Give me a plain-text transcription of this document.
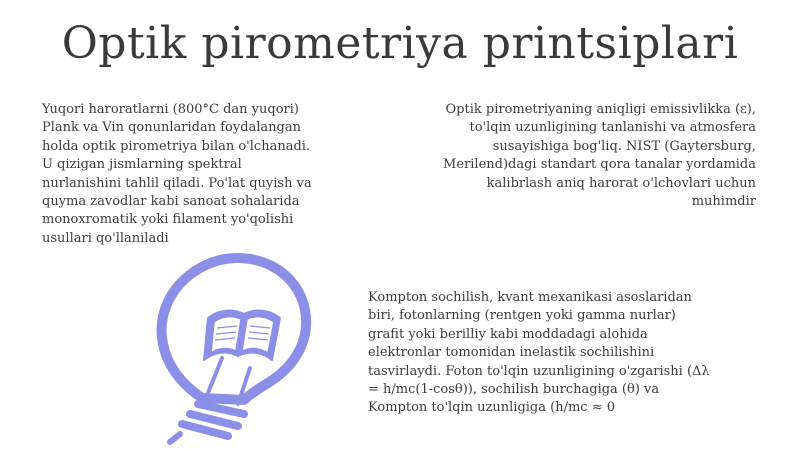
Optik pirometriya printsiplari
Yuqori haroratlarni (800°C dan yuqori)
Plank va Vin qonunlaridan foydalangan
holda optik pirometriya bilan o'lchanadi.
U qizigan jismlarning spektral
nurlanishini tahlil qiladi. Po'lat quyish va
quyma zavodlar kabi sanoat sohalarida
monoxromatik yoki filament yo'qolishi
usullari qo'llaniladi
Optik pirometriyaning aniqligi emissivlikka (ε),
to'lqin uzunligining tanlanishi va atmosfera
susayishiga bog'liq. NIST (Gaytersburg,
Merilend)dagi standart qora tanalar yordamida
kalibrlash aniq harorat o'lchovlari uchun
muhimdir
Kompton sochilish, kvant mexanikasi asoslaridan
biri, fotonlarning (rentgen yoki gamma nurlar)
grafit yoki berilliy kabi moddadagi alohida
elektronlar tomonidan inelastik sochilishini
tasvirlaydi. Foton to'lqin uzunligining o'zgarishi (Δλ
= h/mc(1-cosθ)), sochilish burchagiga (θ) va
Kompton to'lqin uzunligiga (h/mc ≈ 0
